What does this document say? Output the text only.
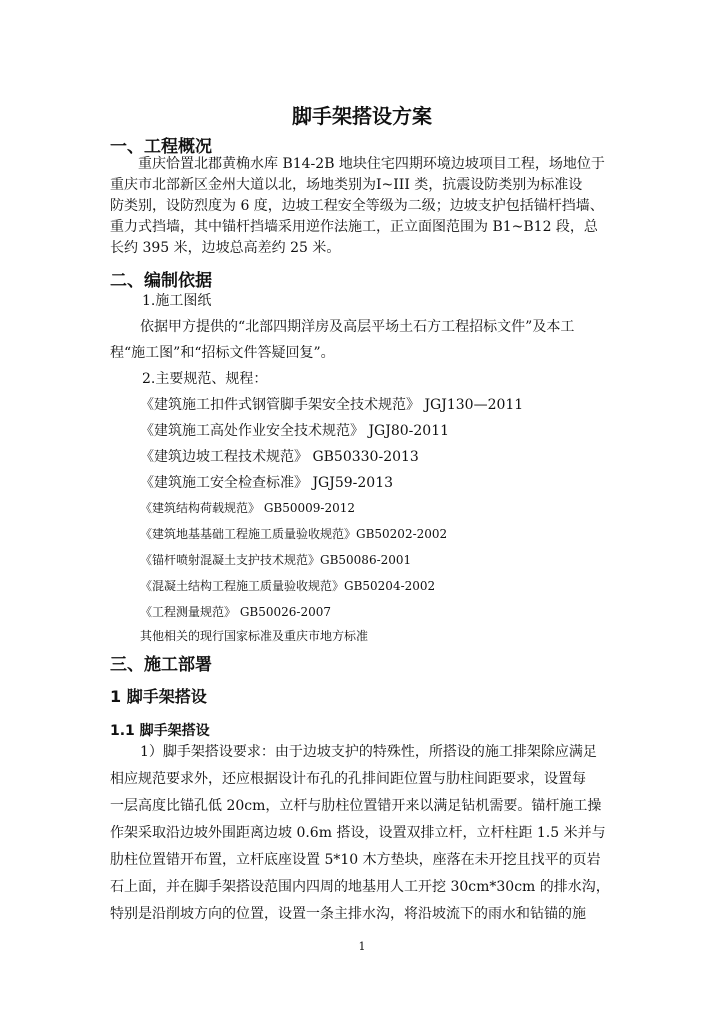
脚手架搭设方案
一、工程概况
重庆恰置北郡黄桷水库 B14-2B 地块住宅四期环境边坡项目工程，场地位于
重庆市北部新区金州大道以北，场地类别为Ⅰ~III 类，抗震设防类别为标准设
防类别，设防烈度为 6 度，边坡工程安全等级为二级；边坡支护包括锚杆挡墙、
重力式挡墙，其中锚杆挡墙采用逆作法施工，正立面图范围为 B1~B12 段，总
长约 395 米，边坡总高差约 25 米。
二、编制依据
1.施工图纸
依据甲方提供的“北部四期洋房及高层平场土石方工程招标文件”及本工
程“施工图”和“招标文件答疑回复”。
2.主要规范、规程：
《建筑施工扣件式钢管脚手架安全技术规范》 JGJ130—2011
《建筑施工高处作业安全技术规范》 JGJ80-2011
《建筑边坡工程技术规范》 GB50330-2013
《建筑施工安全检查标准》 JGJ59-2013
《建筑结构荷载规范》 GB50009-2012
《建筑地基基础工程施工质量验收规范》GB50202-2002
《锚杆喷射混凝土支护技术规范》GB50086-2001
《混凝土结构工程施工质量验收规范》GB50204-2002
《工程测量规范》 GB50026-2007
其他相关的现行国家标准及重庆市地方标准
三、施工部署
1 脚手架搭设
1.1 脚手架搭设
1）脚手架搭设要求：由于边坡支护的特殊性，所搭设的施工排架除应满足
相应规范要求外，还应根据设计布孔的孔排间距位置与肋柱间距要求，设置每
一层高度比锚孔低 20cm，立杆与肋柱位置错开来以满足钻机需要。锚杆施工操
作架采取沿边坡外围距离边坡 0.6m 搭设，设置双排立杆，立杆柱距 1.5 米并与
肋柱位置错开布置，立杆底座设置 5*10 木方垫块，座落在未开挖且找平的页岩
石上面，并在脚手架搭设范围内四周的地基用人工开挖 30cm*30cm 的排水沟，
特别是沿削坡方向的位置，设置一条主排水沟，将沿坡流下的雨水和钻锚的施
1
